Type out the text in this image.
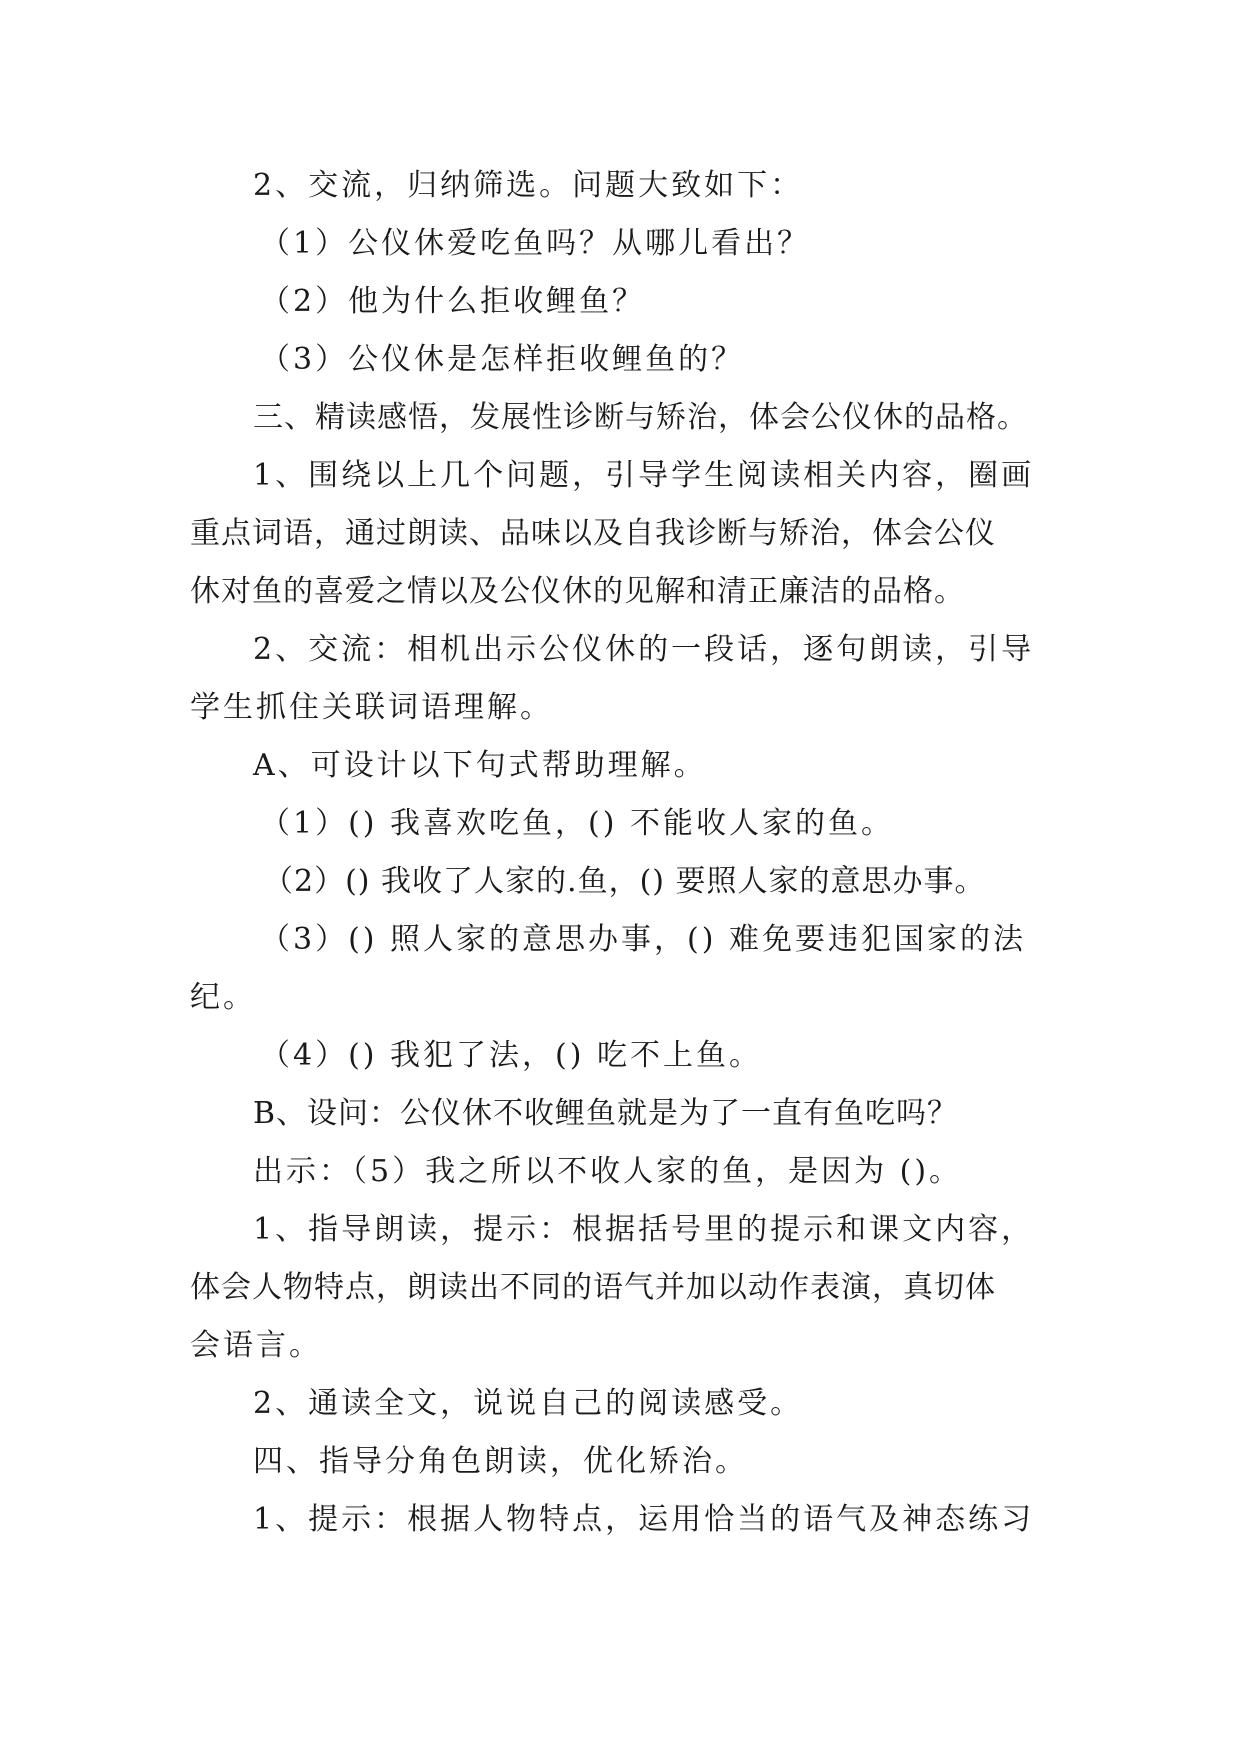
2、交流，归纳筛选。问题大致如下：
（1）公仪休爱吃鱼吗？从哪儿看出？
（2）他为什么拒收鲤鱼？
（3）公仪休是怎样拒收鲤鱼的？
三、精读感悟，发展性诊断与矫治，体会公仪休的品格。
1、围绕以上几个问题，引导学生阅读相关内容，圈画
重点词语，通过朗读、品味以及自我诊断与矫治，体会公仪
休对鱼的喜爱之情以及公仪休的见解和清正廉洁的品格。
2、交流：相机出示公仪休的一段话，逐句朗读，引导
学生抓住关联词语理解。
A、可设计以下句式帮助理解。
（1）() 我喜欢吃鱼，() 不能收人家的鱼。
（2）() 我收了人家的.鱼，() 要照人家的意思办事。
（3）() 照人家的意思办事，() 难免要违犯国家的法
纪。
（4）() 我犯了法，() 吃不上鱼。
B、设问：公仪休不收鲤鱼就是为了一直有鱼吃吗？
出示：（5）我之所以不收人家的鱼，是因为 ()。
1、指导朗读，提示：根据括号里的提示和课文内容，
体会人物特点，朗读出不同的语气并加以动作表演，真切体
会语言。
2、通读全文，说说自己的阅读感受。
四、指导分角色朗读，优化矫治。
1、提示：根据人物特点，运用恰当的语气及神态练习
